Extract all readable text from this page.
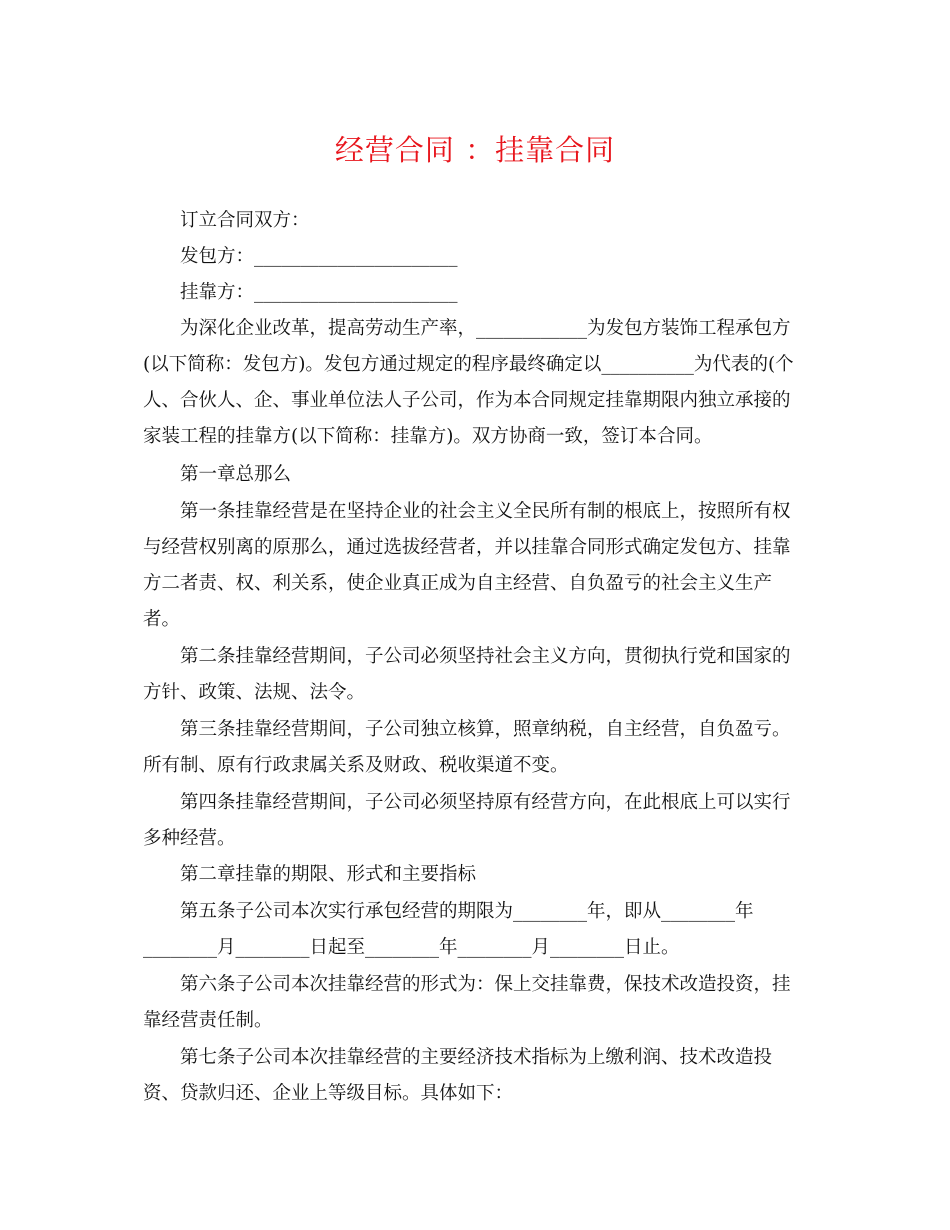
经营合同 ：挂靠合同
订立合同双方：
发包方：______________________
挂靠方：______________________
为深化企业改革，提高劳动生产率，____________为发包方装饰工程承包方
(以下简称：发包方)。发包方通过规定的程序最终确定以__________为代表的(个
人、合伙人、企、事业单位法人子公司，作为本合同规定挂靠期限内独立承接的
家装工程的挂靠方(以下简称：挂靠方)。双方协商一致，签订本合同。
第一章总那么
第一条挂靠经营是在坚持企业的社会主义全民所有制的根底上，按照所有权
与经营权别离的原那么，通过选拔经营者，并以挂靠合同形式确定发包方、挂靠
方二者责、权、利关系，使企业真正成为自主经营、自负盈亏的社会主义生产
者。
第二条挂靠经营期间，子公司必须坚持社会主义方向，贯彻执行党和国家的
方针、政策、法规、法令。
第三条挂靠经营期间，子公司独立核算，照章纳税，自主经营，自负盈亏。
所有制、原有行政隶属关系及财政、税收渠道不变。
第四条挂靠经营期间，子公司必须坚持原有经营方向，在此根底上可以实行
多种经营。
第二章挂靠的期限、形式和主要指标
第五条子公司本次实行承包经营的期限为________年，即从________年
________月________日起至________年________月________日止。
第六条子公司本次挂靠经营的形式为：保上交挂靠费，保技术改造投资，挂
靠经营责任制。
第七条子公司本次挂靠经营的主要经济技术指标为上缴利润、技术改造投
资、贷款归还、企业上等级目标。具体如下：
